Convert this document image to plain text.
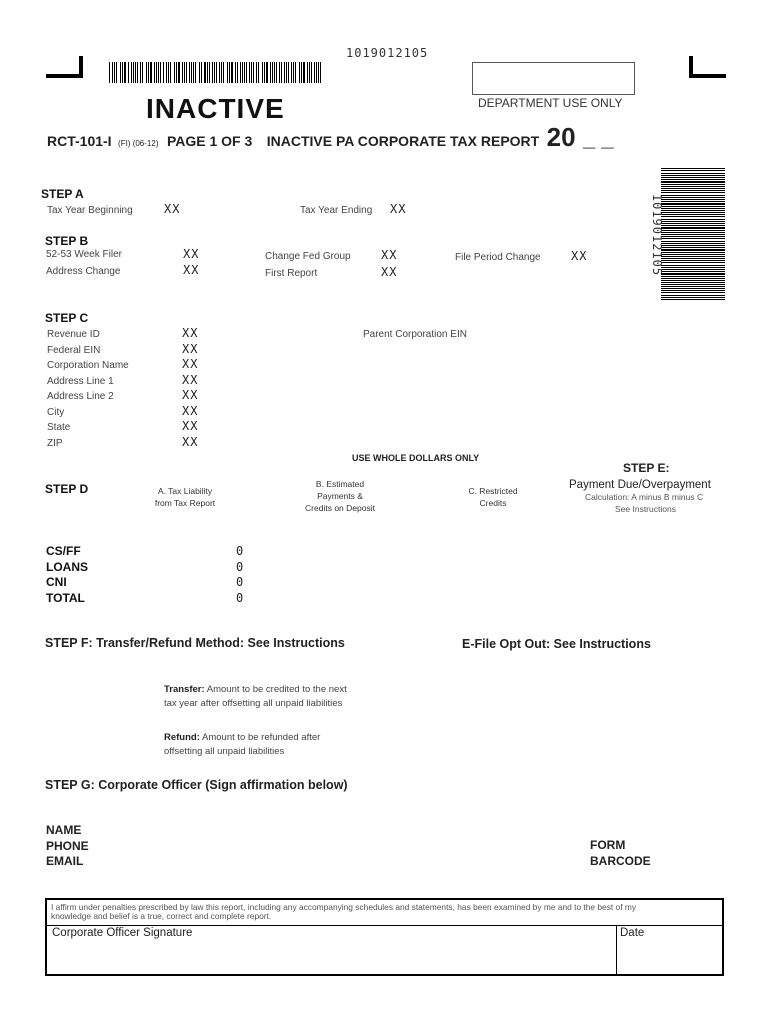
1019012105
DEPARTMENT USE ONLY
INACTIVE
RCT-101-I (FI) (06-12) PAGE 1 OF 3 INACTIVE PA CORPORATE TAX REPORT 20 _ _
1019012105
STEP A
Tax Year Beginning	XX	Tax Year Ending XX
STEP B
52-53 Week Filer	XX
Address Change	XX
Change Fed Group	XX
First Report	XX
File Period Change	XX
STEP C
Revenue ID	XX
Federal EIN	XX
Corporation Name	XX
Address Line 1	XX
Address Line 2	XX
City	XX
State	XX
ZIP	XX
Parent Corporation EIN
USE WHOLE DOLLARS ONLY
STEP D	A. Tax Liability
from Tax Report
B. Estimated
Payments &
Credits on Deposit
C. Restricted
Credits
STEP E:
Payment Due/Overpayment
Calculation: A minus B minus C
See Instructions
CS/FF	0
LOANS	0
CNI	0
TOTAL	0
STEP F: Transfer/Refund Method: See Instructions	E-File Opt Out: See Instructions
Transfer: Amount to be credited to the next
tax year after offsetting all unpaid liabilities
Refund: Amount to be refunded after
offsetting all unpaid liabilities
STEP G: Corporate Officer (Sign affirmation below)
NAME
PHONE
EMAIL
FORM
BARCODE
I affirm under penalties prescribed by law this report, including any accompanying schedules and statements, has been examined by me and to the best of my
knowledge and belief is a true, correct and complete report.
Corporate Officer Signature	Date
